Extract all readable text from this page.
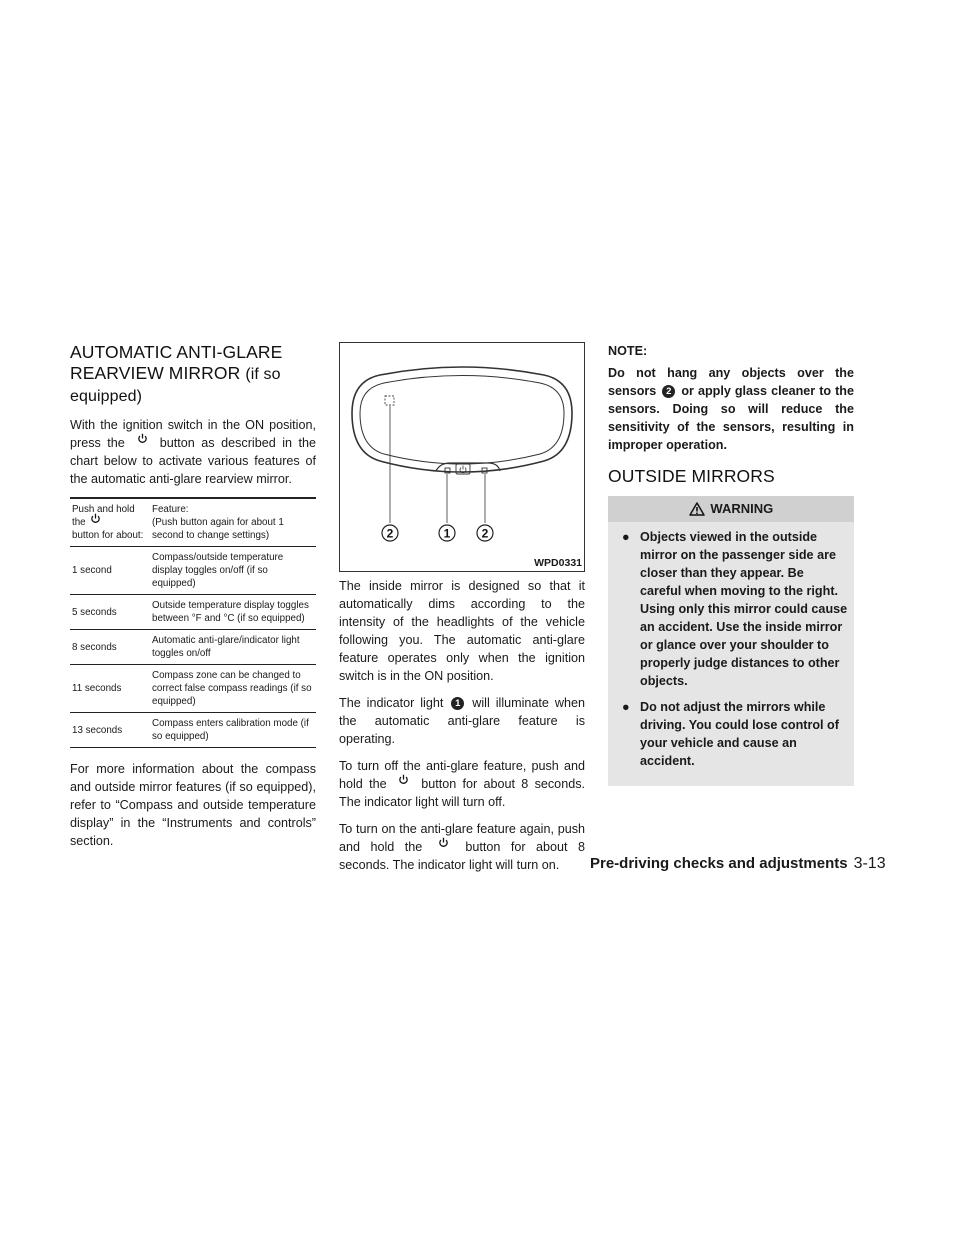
AUTOMATIC ANTI-GLARE
REARVIEW MIRROR (if so equipped)

With the ignition switch in the ON position, press the	button as described in the chart below to activate various features of the automatic anti-glare rearview mirror.

Push and hold the
button for about:	Feature:
(Push button again for about 1 second to change settings)
1 second	Compass/outside temperature display toggles on/off (if so equipped)
5 seconds	Outside temperature display toggles between °F and °C (if so equipped)
8 seconds	Automatic anti-glare/indicator light toggles on/off
11 seconds	Compass zone can be changed to correct false compass readings (if so equipped)
13 seconds	Compass enters calibration mode (if so equipped)

For more information about the compass and outside mirror features (if so equipped), refer to “Compass and outside temperature display” in the “Instruments and controls” section.

2	1	2
WPD0331

The inside mirror is designed so that it automatically dims according to the intensity of the headlights of the vehicle following you. The automatic anti-glare feature operates only when the ignition switch is in the ON position.

The indicator light 1 will illuminate when the automatic anti-glare feature is operating.

To turn off the anti-glare feature, push and hold the	button for about 8 seconds. The indicator light will turn off.

To turn on the anti-glare feature again, push and hold the	button for about 8 seconds. The indicator light will turn on.

NOTE:
Do not hang any objects over the sensors 2 or apply glass cleaner to the sensors. Doing so will reduce the sensitivity of the sensors, resulting in improper operation.
OUTSIDE MIRRORS
WARNING
● Objects viewed in the outside mirror on the passenger side are closer than they appear. Be careful when moving to the right. Using only this mirror could cause an accident. Use the inside mirror or glance over your shoulder to properly judge distances to other objects.
● Do not adjust the mirrors while driving. You could lose control of your vehicle and cause an accident.
Pre-driving checks and adjustments 3-13
